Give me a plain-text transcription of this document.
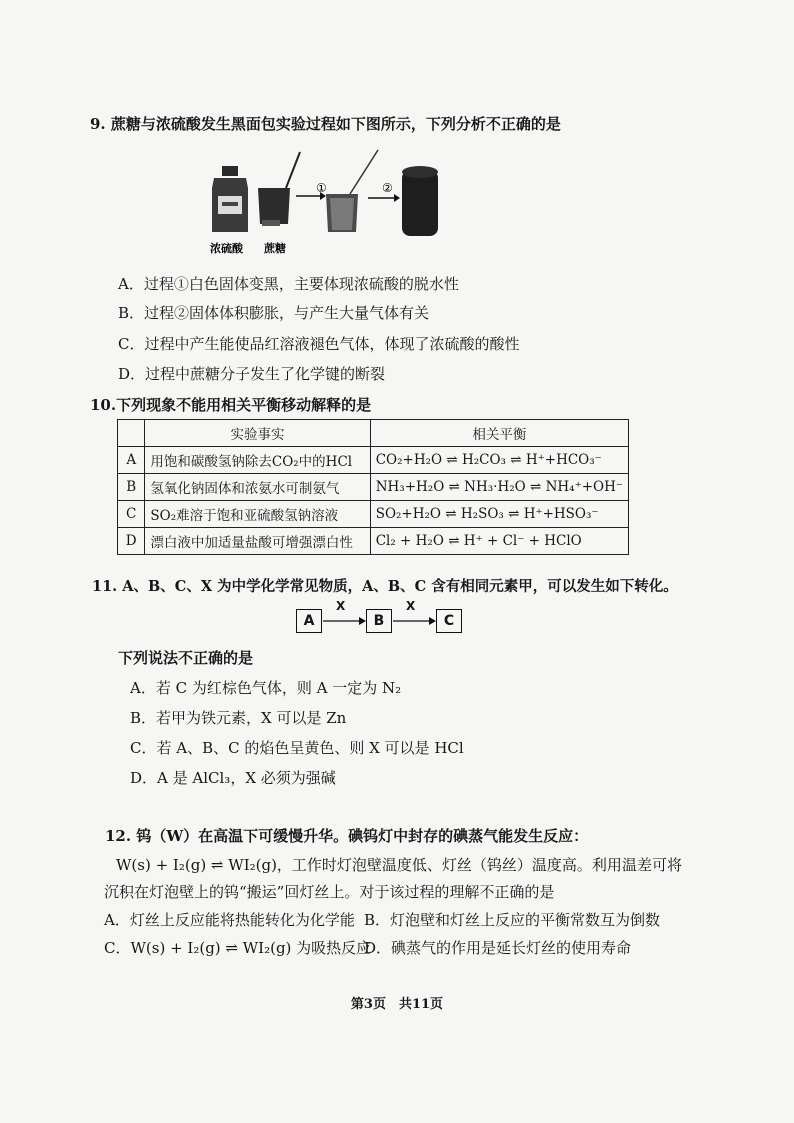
9. 蔗糖与浓硫酸发生黑面包实验过程如下图所示，下列分析不正确的是
①	②
浓硫酸 蔗糖
A．过程①白色固体变黑，主要体现浓硫酸的脱水性
B．过程②固体体积膨胀，与产生大量气体有关
C．过程中产生能使品红溶液褪色气体，体现了浓硫酸的酸性
D．过程中蔗糖分子发生了化学键的断裂
10.下列现象不能用相关平衡移动解释的是
	实验事实	相关平衡
A	用饱和碳酸氢钠除去CO₂中的HCl	CO₂+H₂O ⇌ H₂CO₃ ⇌ H⁺+HCO₃⁻
B	氢氧化钠固体和浓氨水可制氨气	NH₃+H₂O ⇌ NH₃·H₂O ⇌ NH₄⁺+OH⁻
C	SO₂难溶于饱和亚硫酸氢钠溶液	SO₂+H₂O ⇌ H₂SO₃ ⇌ H⁺+HSO₃⁻
D	漂白液中加适量盐酸可增强漂白性	Cl₂ + H₂O ⇌ H⁺ + Cl⁻ + HClO
11. A、B、C、X 为中学化学常见物质，A、B、C 含有相同元素甲，可以发生如下转化。
A	B	C
X	X
下列说法不正确的是
A．若 C 为红棕色气体，则 A 一定为 N₂
B．若甲为铁元素，X 可以是 Zn
C．若 A、B、C 的焰色呈黄色、则 X 可以是 HCl
D．A 是 AlCl₃，X 必须为强碱
12. 钨（W）在高温下可缓慢升华。碘钨灯中封存的碘蒸气能发生反应：
W(s) + I₂(g) ⇌ WI₂(g)，工作时灯泡壁温度低、灯丝（钨丝）温度高。利用温差可将
沉积在灯泡壁上的钨“搬运”回灯丝上。对于该过程的理解不正确的是
A．灯丝上反应能将热能转化为化学能 B．灯泡壁和灯丝上反应的平衡常数互为倒数
C．W(s) + I₂(g) ⇌ WI₂(g) 为吸热反应
D．碘蒸气的作用是延长灯丝的使用寿命
第3页　共11页
